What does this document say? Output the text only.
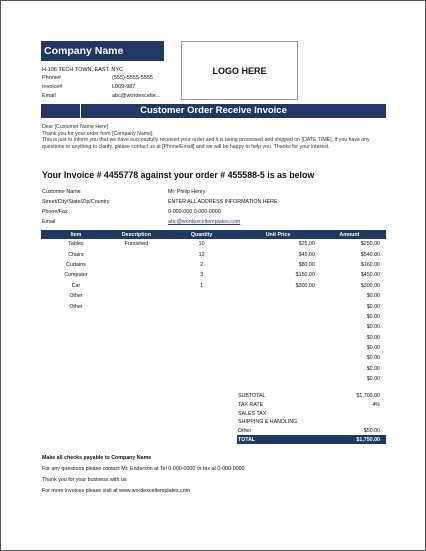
Company Name
LOGO HERE
H-106 TECH TOWN, EAST. NYC
Phone#	(555)-5555-5555
Invoice#	L009-987
Email	abc@wordexcelte...
Customer Order Receive Invoice
Dear [Customer Name Here]
Thank you for your order from [Company Name].
This is just to inform you that we have successfully received your order and it is being processed and shipped on [DATE TIME]. If you have any questions or anything to clarify, please contact us at [Phone/Email] and we will be happy to help you. Thanks for your interest.
Your Invoice # 4455778 against your order # 455588-5 is as below
Customer Name	Mr. Philip Henry
Street/City/State/Zip/Country	ENTER ALL ADDRESS INFORMATION HERE
Phone/Fax	0-000-000 0-000-0000
Email	abc@wordexceltemplates.com
Item	Description	Quantity	Unit Price	Amount
Tables	Furnished	10	$25.00	$250.00
Chairs		12	$45.00	$540.00
Curtains		2	$80.00	$160.00
Computer		3	$150.00	$450.00
Car		1	$300.00	$300.00
Other				$0.00
Other				$0.00
				$0.00
				$0.00
				$0.00
				$0.00
				$0.00
				$0.00
				$0.00
SUBTOTAL	$1,700.00
TAX RATE	4%
SALES TAX	
SHIPPING & HANDLING	
Other	$50.00
TOTAL	$1,750.00
Make all checks payable to Company Name
For any questions please contact Mr. Enderson at Tel 0-000-0000 or fax at 0-000-0000
Thank you for your business with us
For more invoices please visit at www.wordexceltemplates.com
